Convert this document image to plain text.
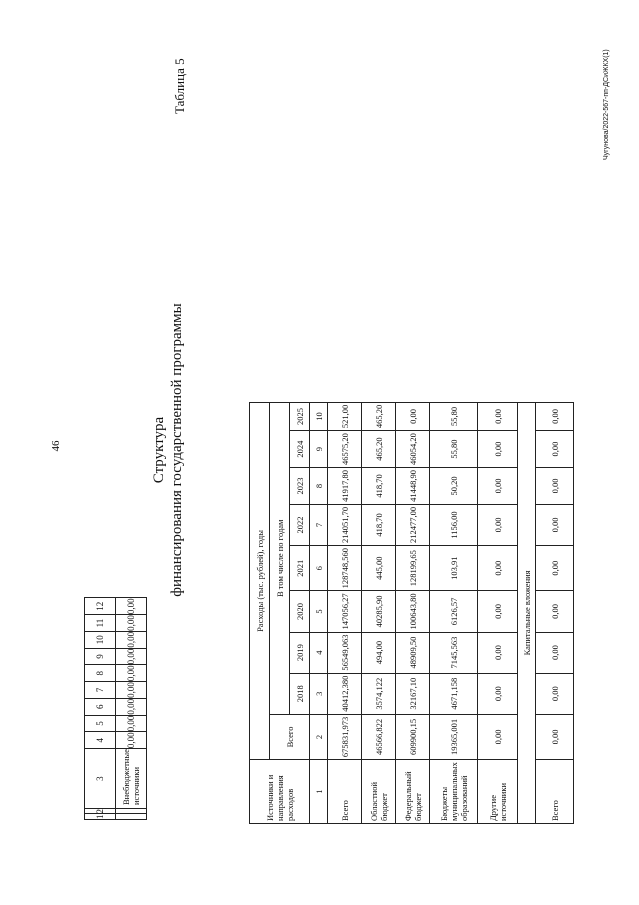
46
1	2	3	4	5	6	7	8	9	10	11	12
		Внебюджетные источники	0,00	0,00	0,00	0,00	0,00	0,00	0,00	0,00	0,00
Структура финансирования государственной программы
Таблица 5
Источники и направления расходов	Расходы (тыс. рублей), годы								
	Всего	В том числе по годам							
		2018	2019	2020	2021	2022	2023	2024	2025
1	2	3	4	5	6	7	8	9	10
Всего	675831,973	40412,380	56549,063	147056,27	128748,560	214051,70	41917,80	46575,20	521,00
Областной бюджет	46566,822	3574,122	494,00	40285,90	445,00	418,70	418,70	465,20	465,20
Федеральный бюджет	609900,15	32167,10	48909,50	100643,80	128199,65	212477,00	41448,90	46054,20	0,00
Бюджеты муниципальных образований	19365,001	4671,158	7145,563	6126,57	103,91	1156,00	50,20	55,80	55,80
Другие источники	0,00	0,00	0,00	0,00	0,00	0,00	0,00	0,00	0,00
Капитальные вложения									
Всего	0,00	0,00	0,00	0,00	0,00	0,00	0,00	0,00	0,00
Чугунова/2022-567-пп-ДСиЖКХ(1)
